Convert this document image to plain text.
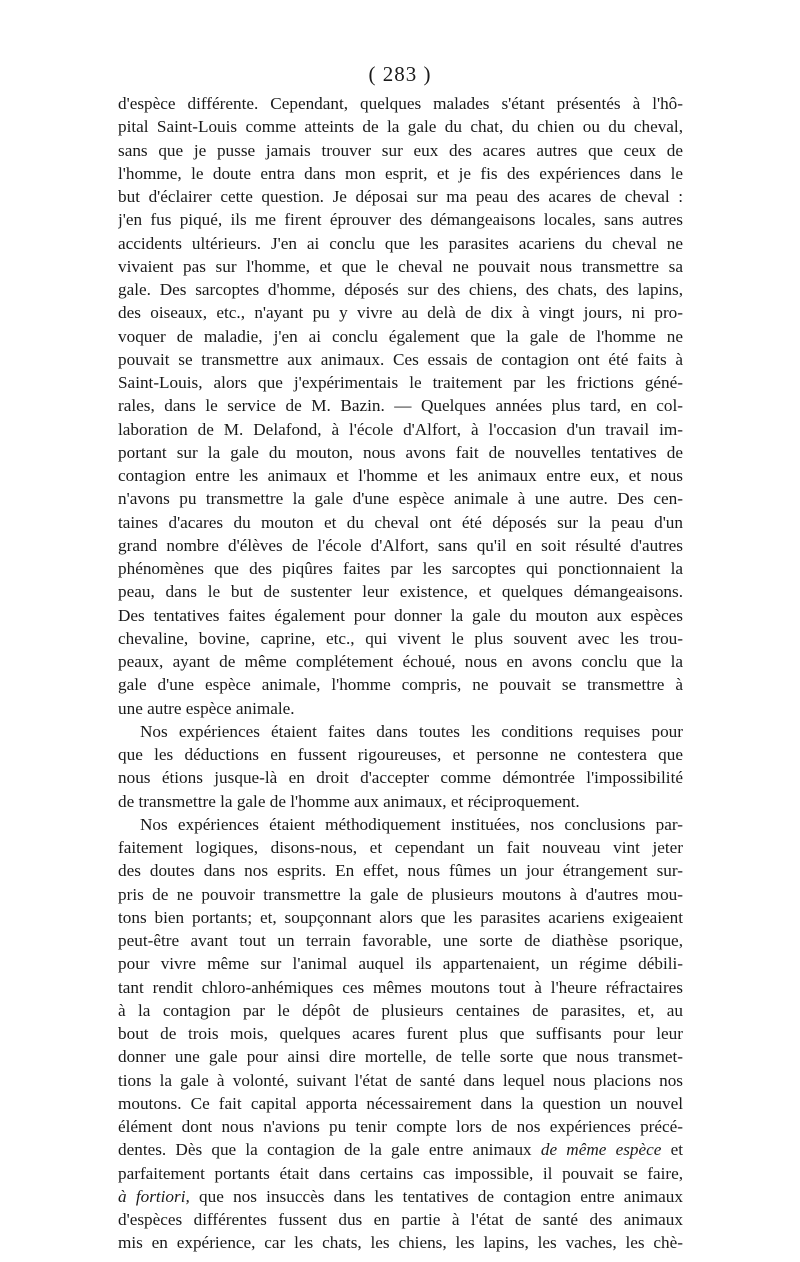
( 283 )
d'espèce différente. Cependant, quelques malades s'étant présentés à l'hô-
pital Saint-Louis comme atteints de la gale du chat, du chien ou du cheval,
sans que je pusse jamais trouver sur eux des acares autres que ceux de
l'homme, le doute entra dans mon esprit, et je fis des expériences dans le
but d'éclairer cette question. Je déposai sur ma peau des acares de cheval :
j'en fus piqué, ils me firent éprouver des démangeaisons locales, sans autres
accidents ultérieurs. J'en ai conclu que les parasites acariens du cheval ne
vivaient pas sur l'homme, et que le cheval ne pouvait nous transmettre sa
gale. Des sarcoptes d'homme, déposés sur des chiens, des chats, des lapins,
des oiseaux, etc., n'ayant pu y vivre au delà de dix à vingt jours, ni pro-
voquer de maladie, j'en ai conclu également que la gale de l'homme ne
pouvait se transmettre aux animaux. Ces essais de contagion ont été faits à
Saint-Louis, alors que j'expérimentais le traitement par les frictions géné-
rales, dans le service de M. Bazin. — Quelques années plus tard, en col-
laboration de M. Delafond, à l'école d'Alfort, à l'occasion d'un travail im-
portant sur la gale du mouton, nous avons fait de nouvelles tentatives de
contagion entre les animaux et l'homme et les animaux entre eux, et nous
n'avons pu transmettre la gale d'une espèce animale à une autre. Des cen-
taines d'acares du mouton et du cheval ont été déposés sur la peau d'un
grand nombre d'élèves de l'école d'Alfort, sans qu'il en soit résulté d'autres
phénomènes que des piqûres faites par les sarcoptes qui ponctionnaient la
peau, dans le but de sustenter leur existence, et quelques démangeaisons.
Des tentatives faites également pour donner la gale du mouton aux espèces
chevaline, bovine, caprine, etc., qui vivent le plus souvent avec les trou-
peaux, ayant de même complétement échoué, nous en avons conclu que la
gale d'une espèce animale, l'homme compris, ne pouvait se transmettre à
une autre espèce animale.
Nos expériences étaient faites dans toutes les conditions requises pour
que les déductions en fussent rigoureuses, et personne ne contestera que
nous étions jusque-là en droit d'accepter comme démontrée l'impossibilité
de transmettre la gale de l'homme aux animaux, et réciproquement.
Nos expériences étaient méthodiquement instituées, nos conclusions par-
faitement logiques, disons-nous, et cependant un fait nouveau vint jeter
des doutes dans nos esprits. En effet, nous fûmes un jour étrangement sur-
pris de ne pouvoir transmettre la gale de plusieurs moutons à d'autres mou-
tons bien portants; et, soupçonnant alors que les parasites acariens exigeaient
peut-être avant tout un terrain favorable, une sorte de diathèse psorique,
pour vivre même sur l'animal auquel ils appartenaient, un régime débili-
tant rendit chloro-anhémiques ces mêmes moutons tout à l'heure réfractaires
à la contagion par le dépôt de plusieurs centaines de parasites, et, au
bout de trois mois, quelques acares furent plus que suffisants pour leur
donner une gale pour ainsi dire mortelle, de telle sorte que nous transmet-
tions la gale à volonté, suivant l'état de santé dans lequel nous placions nos
moutons. Ce fait capital apporta nécessairement dans la question un nouvel
élément dont nous n'avions pu tenir compte lors de nos expériences précé-
dentes. Dès que la contagion de la gale entre animaux de même espèce et
parfaitement portants était dans certains cas impossible, il pouvait se faire,
à fortiori, que nos insuccès dans les tentatives de contagion entre animaux
d'espèces différentes fussent dus en partie à l'état de santé des animaux
mis en expérience, car les chats, les chiens, les lapins, les vaches, les chè-
